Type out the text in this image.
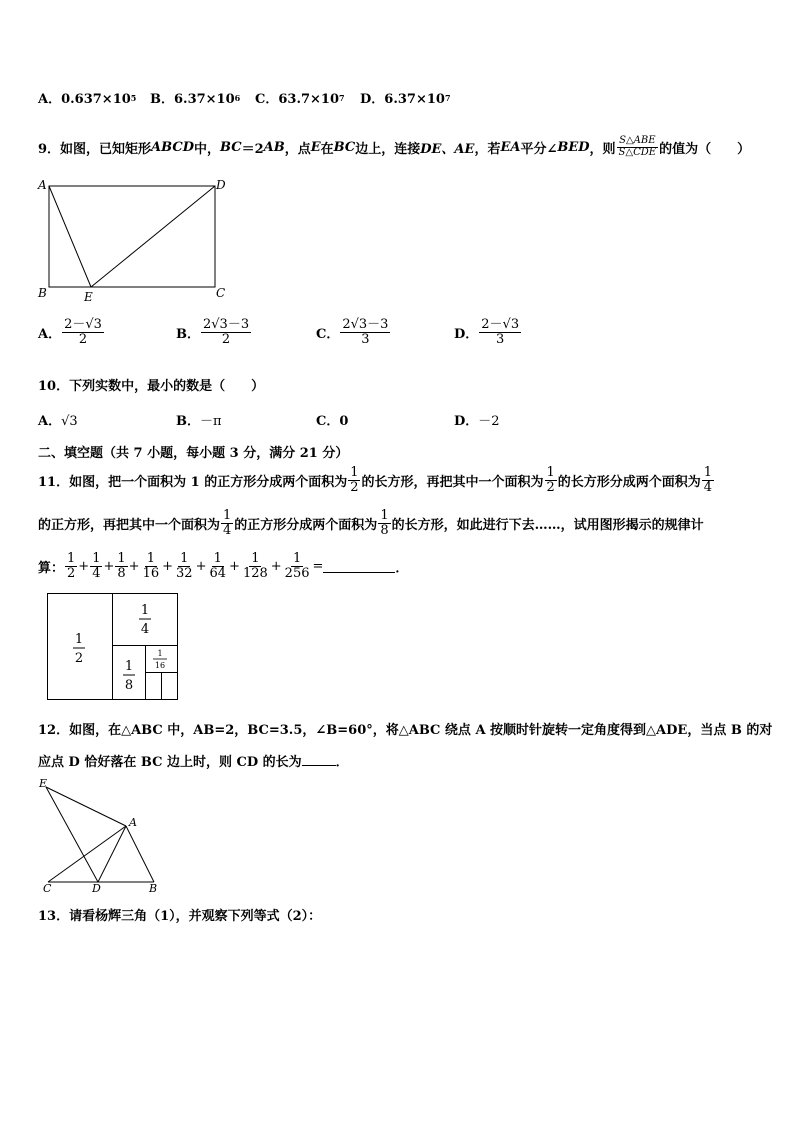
A．$0.637\times 10^5$ B．$6.37\times 10^6$ C．$63.7\times 10^7$ D．$6.37\times 10^7$
9．如图，已知矩形 ABCD 中， BC ＝2 AB ，点 E 在 BC 边上，连接 DE、AE ，若 EA 平分∠ BED ，则 $\frac{\text{S△ABE}}{\text{S△CDE}}$ 的值为（　　）
A	D
B	C
E
A． $\frac{2-√3}{2}$	B． $\frac{2√3-3}{2}$	C． $\frac{2√3-3}{3}$	D． $\frac{2-√3}{3}$
10．下列实数中，最小的数是（　　）
A．√3	B．－π	C．0	D．－2
二、填空题（共 7 小题，每小题 3 分，满分 21 分）
11．如图，把一个面积为 1 的正方形分成两个面积为 $\frac{1}{2}$ 的长方形，再把其中一个面积为 $\frac{1}{2}$ 的长方形分成两个面积为 $\frac{1}{4}$
的正方形，再把其中一个面积为 $\frac{1}{4}$ 的正方形分成两个面积为 $\frac{1}{8}$ 的长方形，如此进行下去……，试用图形揭示的规律计
算： $\frac{1}{2} + \frac{1}{4} + \frac{1}{8} + \frac{1}{16} + \frac{1}{32} + \frac{1}{64} + \frac{1}{128} + \frac{1}{256}$ =	．
1
2
1
4
1
8
1
16
12．如图，在△ABC 中，AB=2，BC=3.5，∠B=60°，将△ABC 绕点 A 按顺时针旋转一定角度得到△ADE，当点 B 的对
应点 D 恰好落在 BC 边上时，则 CD 的长为	．
E
A
C	D	B
13．请看杨辉三角（1），并观察下列等式（2）：
